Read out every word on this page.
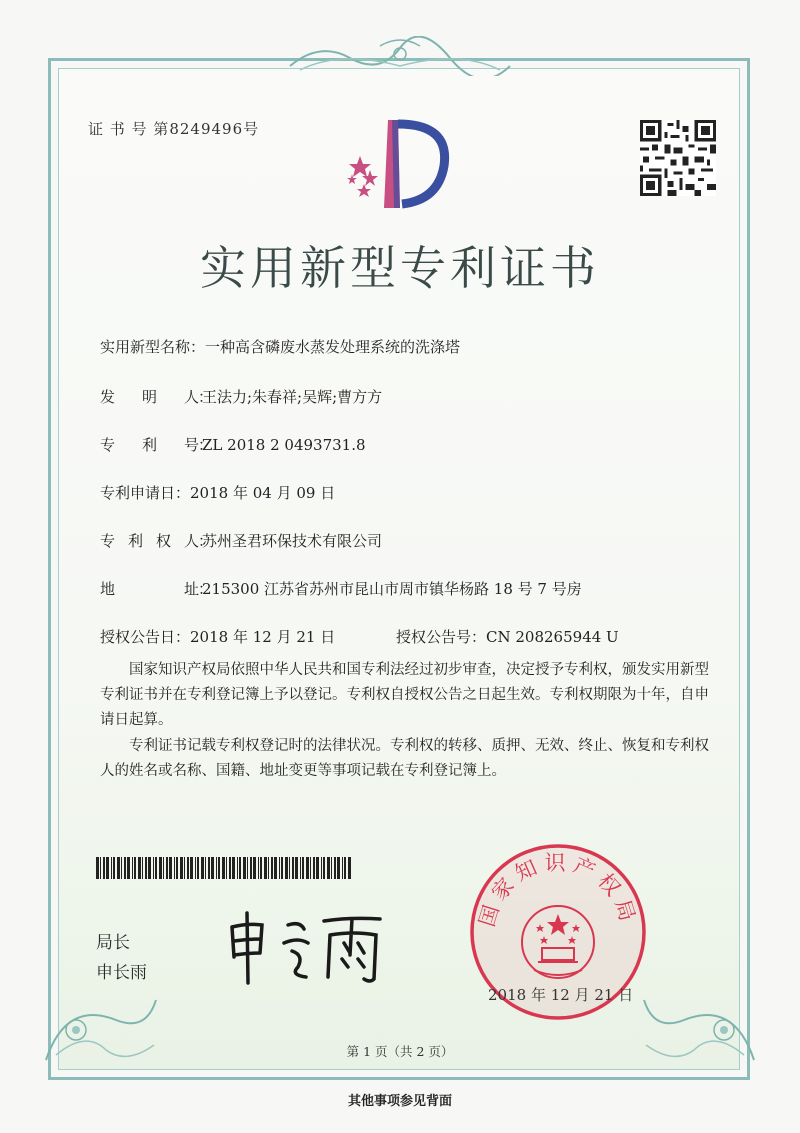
证 书 号 第8249496号
实用新型专利证书
实用新型名称：一种高含磷废水蒸发处理系统的洗涤塔
发　　明　　人：王法力;朱春祥;吴辉;曹方方
专　　利　　号：ZL 2018 2 0493731.8
专利申请日：2018 年 04 月 09 日
专　利　权　人：苏州圣君环保技术有限公司
地　　　　　址：215300 江苏省苏州市昆山市周市镇华杨路 18 号 7 号房
授权公告日：2018 年 12 月 21 日	授权公告号：CN 208265944 U
国家知识产权局依照中华人民共和国专利法经过初步审查，决定授予专利权，颁发实用新型专利证书并在专利登记簿上予以登记。专利权自授权公告之日起生效。专利权期限为十年，自申请日起算。
专利证书记载专利权登记时的法律状况。专利权的转移、质押、无效、终止、恢复和专利权人的姓名或名称、国籍、地址变更等事项记载在专利登记簿上。
局长
申长雨
国家知识产权局
2018 年 12 月 21 日
第 1 页（共 2 页）
其他事项参见背面
